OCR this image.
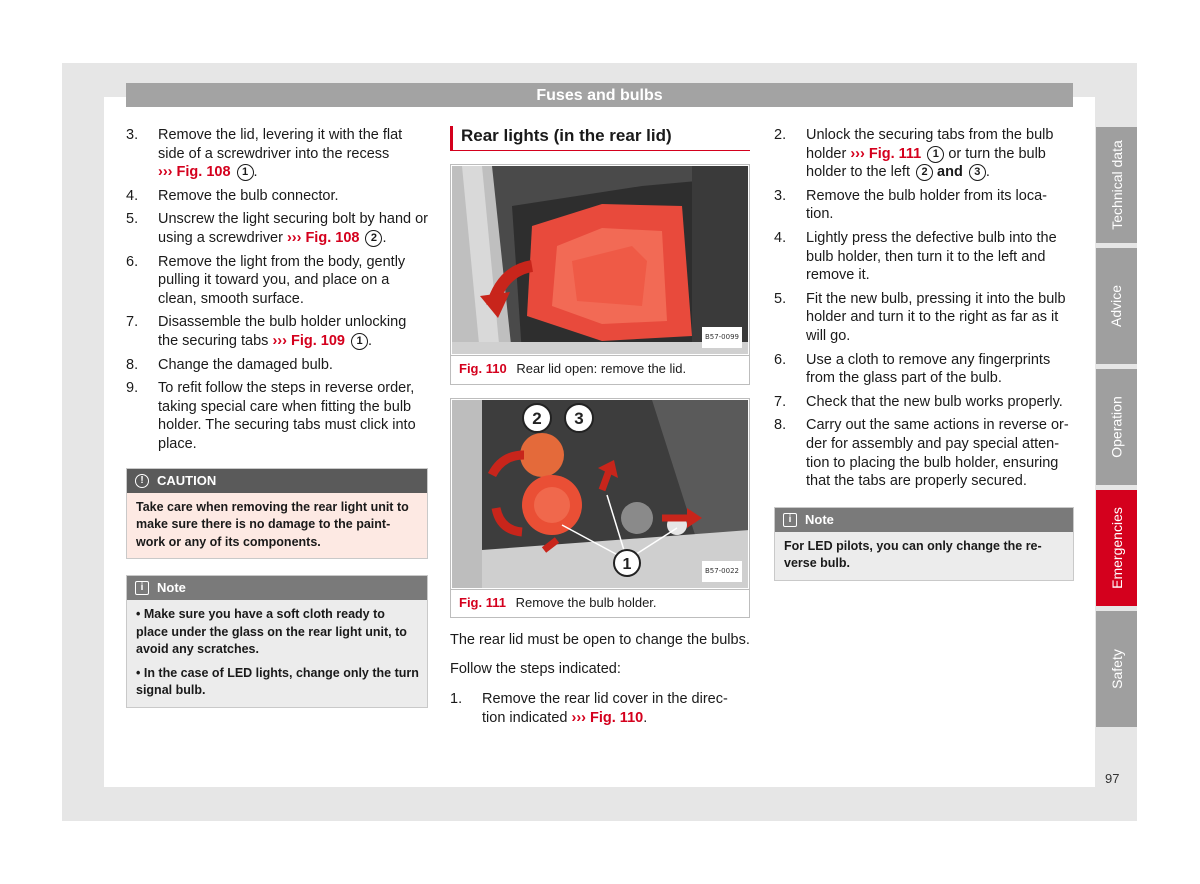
Fuses and bulbs
3.	Remove the lid, levering it with the flat side of a screwdriver into the recess ››› Fig. 108 1 .
4.	Remove the bulb connector.
5.	Unscrew the light securing bolt by hand or using a screwdriver ››› Fig. 108 2 .
6.	Remove the light from the body, gently pulling it toward you, and place on a clean, smooth surface.
7.	Disassemble the bulb holder unlocking the securing tabs ››› Fig. 109 1 .
8.	Change the damaged bulb.
9.	To refit follow the steps in reverse order, taking special care when fitting the bulb holder. The securing tabs must click into place.
!	CAUTION
Take care when removing the rear light unit to make sure there is no damage to the paint-work or any of its components.
i	Note

• Make sure you have a soft cloth ready to place under the glass on the rear light unit, to avoid any scratches.

• In the case of LED lights, change only the turn signal bulb.

Rear lights (in the rear lid)
B57-0099
Fig. 110 Rear lid open: remove the lid.
2 3
1	B57-0022
Fig. 111 Remove the bulb holder.

The rear lid must be open to change the bulbs.

Follow the steps indicated:

1.	Remove the rear lid cover in the direc-tion indicated ››› Fig. 110.
2.	Unlock the securing tabs from the bulb holder ››› Fig. 111 1 or turn the bulb holder to the left 2 and 3 .
3.	Remove the bulb holder from its loca-tion.
4.	Lightly press the defective bulb into the bulb holder, then turn it to the left and remove it.
5.	Fit the new bulb, pressing it into the bulb holder and turn it to the right as far as it will go.
6.	Use a cloth to remove any fingerprints from the glass part of the bulb.
7.	Check that the new bulb works properly.
8.	Carry out the same actions in reverse or-der for assembly and pay special atten-tion to placing the bulb holder, ensuring that the tabs are properly secured.
i	Note
For LED pilots, you can only change the re-verse bulb.
Technical data
Advice
Operation
Emergencies
Safety
97
